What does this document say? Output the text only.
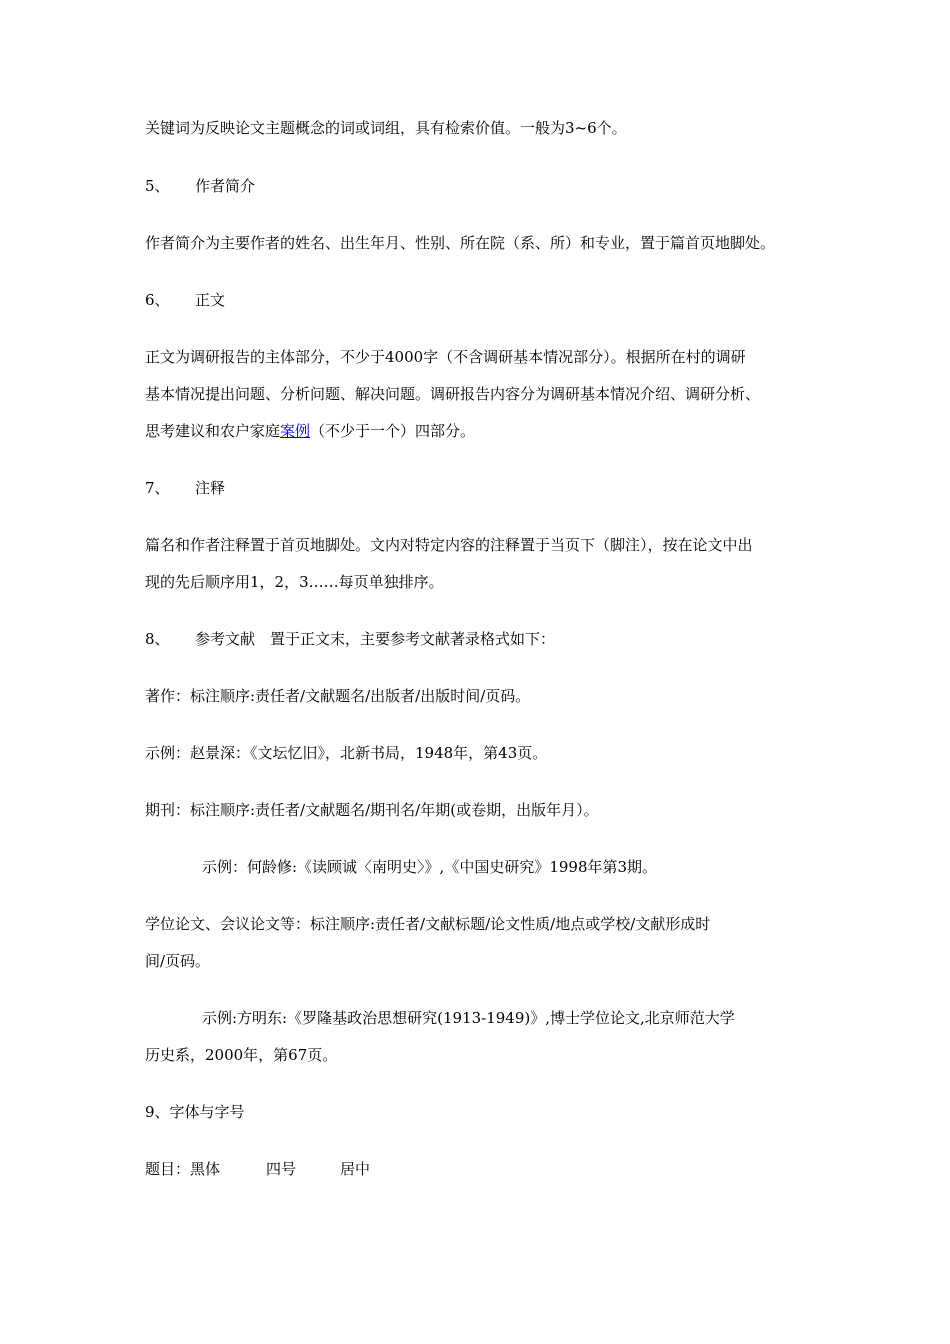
关键词为反映论文主题概念的词或词组，具有检索价值。一般为3~6个。

5、 作者简介

作者简介为主要作者的姓名、出生年月、性别、所在院（系、所）和专业，置于篇首页地脚处。

6、 正文

正文为调研报告的主体部分，不少于4000字（不含调研基本情况部分）。根据所在村的调研

基本情况提出问题、分析问题、解决问题。调研报告内容分为调研基本情况介绍、调研分析、

思考建议和农户家庭案例（不少于一个）四部分。

7、 注释

篇名和作者注释置于首页地脚处。文内对特定内容的注释置于当页下（脚注），按在论文中出

现的先后顺序用1，2，3……每页单独排序。

8、 参考文献　置于正文末，主要参考文献著录格式如下：

著作：标注顺序:责任者/文献题名/出版者/出版时间/页码。

示例：赵景深：《文坛忆旧》，北新书局，1948年，第43页。

期刊：标注顺序:责任者/文献题名/期刊名/年期(或卷期，出版年月）。

示例：何龄修:《读顾诚〈南明史〉》,《中国史研究》1998年第3期。

学位论文、会议论文等：标注顺序:责任者/文献标题/论文性质/地点或学校/文献形成时

间/页码。

示例:方明东:《罗隆基政治思想研究(1913-1949)》,博士学位论文,北京师范大学

历史系，2000年，第67页。

9、字体与字号

题目：黑体	四号	居中
